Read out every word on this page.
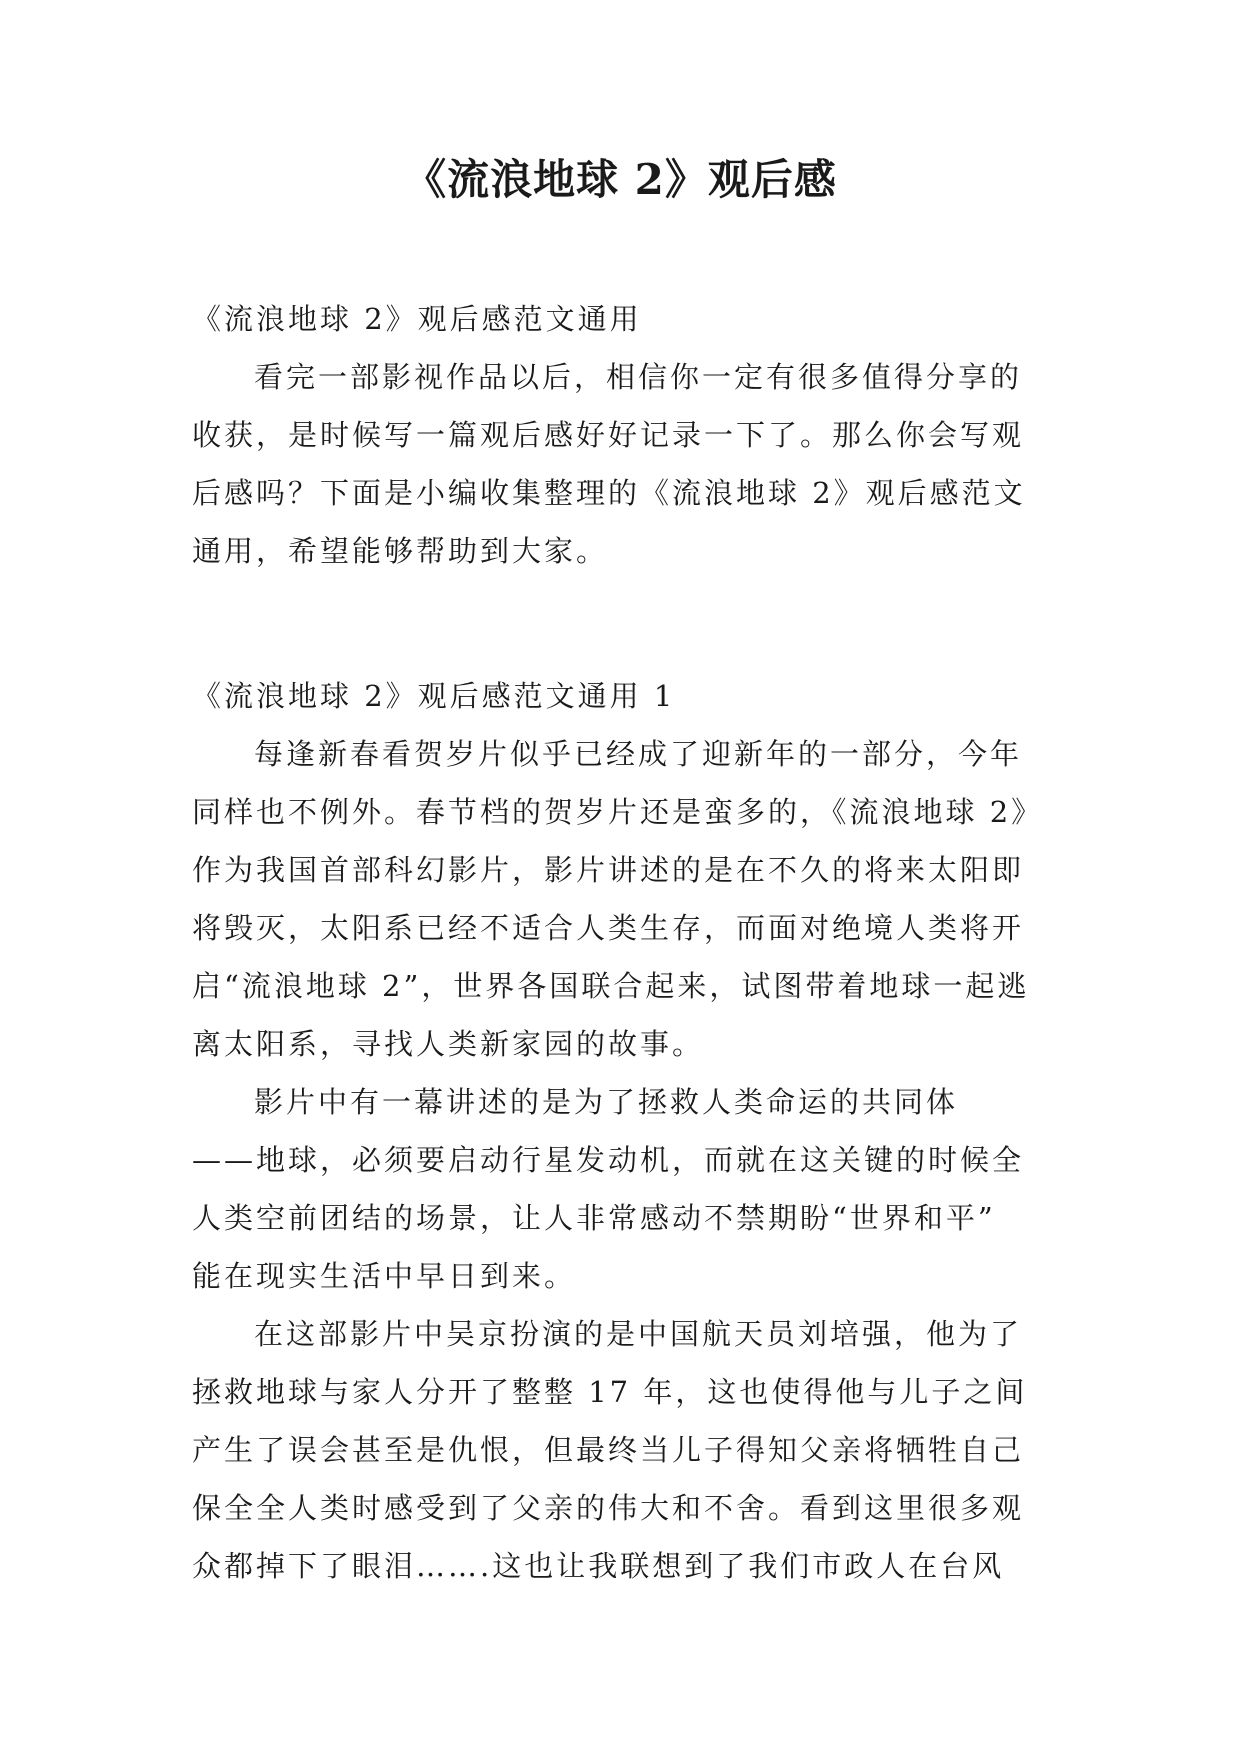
《流浪地球 2》观后感
《流浪地球 2》观后感范文通用
看完一部影视作品以后，相信你一定有很多值得分享的
收获，是时候写一篇观后感好好记录一下了。那么你会写观
后感吗？下面是小编收集整理的《流浪地球 2》观后感范文
通用，希望能够帮助到大家。
《流浪地球 2》观后感范文通用 1
每逢新春看贺岁片似乎已经成了迎新年的一部分，今年
同样也不例外。春节档的贺岁片还是蛮多的，《流浪地球 2》
作为我国首部科幻影片，影片讲述的是在不久的将来太阳即
将毁灭，太阳系已经不适合人类生存，而面对绝境人类将开
启“流浪地球 2”，世界各国联合起来，试图带着地球一起逃
离太阳系，寻找人类新家园的故事。
影片中有一幕讲述的是为了拯救人类命运的共同体
——地球，必须要启动行星发动机，而就在这关键的时候全
人类空前团结的场景，让人非常感动不禁期盼“世界和平”
能在现实生活中早日到来。
在这部影片中吴京扮演的是中国航天员刘培强，他为了
拯救地球与家人分开了整整 17 年，这也使得他与儿子之间
产生了误会甚至是仇恨，但最终当儿子得知父亲将牺牲自己
保全全人类时感受到了父亲的伟大和不舍。看到这里很多观
众都掉下了眼泪…….这也让我联想到了我们市政人在台风
